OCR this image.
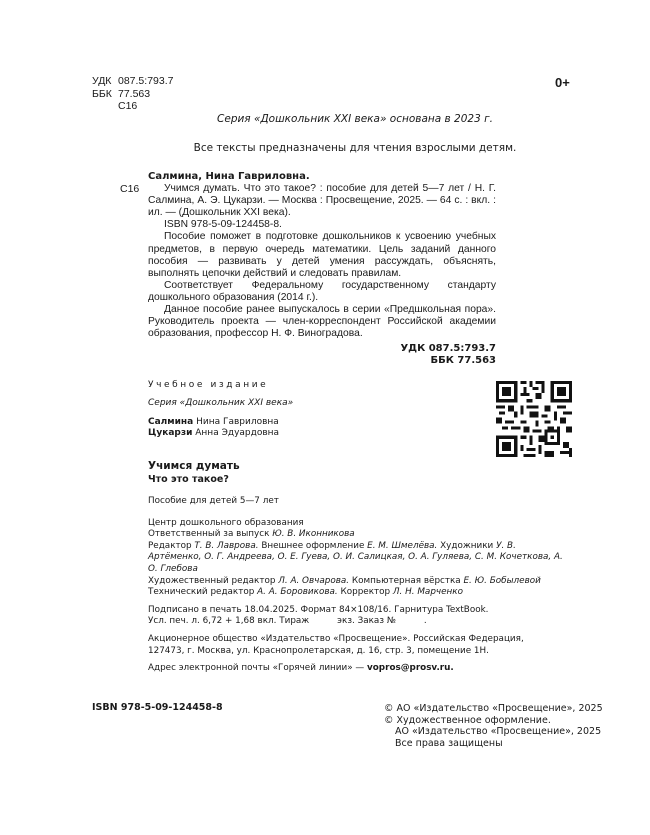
УДК 087.5:793.7
ББК 77.563
С16
0+
Серия «Дошкольник XXI века» основана в 2023 г.
Все тексты предназначены для чтения взрослыми детям.
С16

Салмина, Нина Гавриловна.

Учимся думать. Что это такое? : пособие для детей 5—7 лет / Н. Г. Салмина, А. Э. Цукарзи. — Москва : Просвещение, 2025. — 64 с. : вкл. : ил. — (Дошкольник XXI века).

ISBN 978-5-09-124458-8.

Пособие поможет в подготовке дошкольников к усвоению учебных предметов, в первую очередь математики. Цель заданий данного пособия — развивать у детей умения рассуждать, объяснять, выполнять цепочки действий и следовать правилам.

Соответствует Федеральному государственному стандарту дошкольного образования (2014 г.).

Данное пособие ранее выпускалось в серии «Предшкольная пора». Руководитель проекта — член-корреспондент Российской академии образования, профессор Н. Ф. Виноградова.

УДК 087.5:793.7
ББК 77.563
Учебное издание
Серия «Дошкольник XXI века»
Салмина Нина Гавриловна
Цукарзи Анна Эдуардовна
Учимся думать
Что это такое?
Пособие для детей 5—7 лет
Центр дошкольного образования
Ответственный за выпуск Ю. В. Иконникова
Редактор Т. В. Лаврова. Внешнее оформление Е. М. Шмелёва. Художники У. В. Артёменко, О. Г. Андреева, О. Е. Гуева, О. И. Салицкая, О. А. Гуляева, С. М. Кочеткова, А. О. Глебова
Художественный редактор Л. А. Овчарова. Компьютерная вёрстка Е. Ю. Бобылевой
Технический редактор А. А. Боровикова. Корректор Л. Н. Марченко
Подписано в печать 18.04.2025. Формат 84×108/16. Гарнитура TextBook.
Усл. печ. л. 6,72 + 1,68 вкл. Тираж          экз. Заказ №          .
Акционерное общество «Издательство «Просвещение». Российская Федерация,
127473, г. Москва, ул. Краснопролетарская, д. 16, стр. 3, помещение 1Н.
Адрес электронной почты «Горячей линии» — vopros@prosv.ru.
ISBN 978-5-09-124458-8	© АО «Издательство «Просвещение», 2025
© Художественное оформление.
АО «Издательство «Просвещение», 2025
Все права защищены
